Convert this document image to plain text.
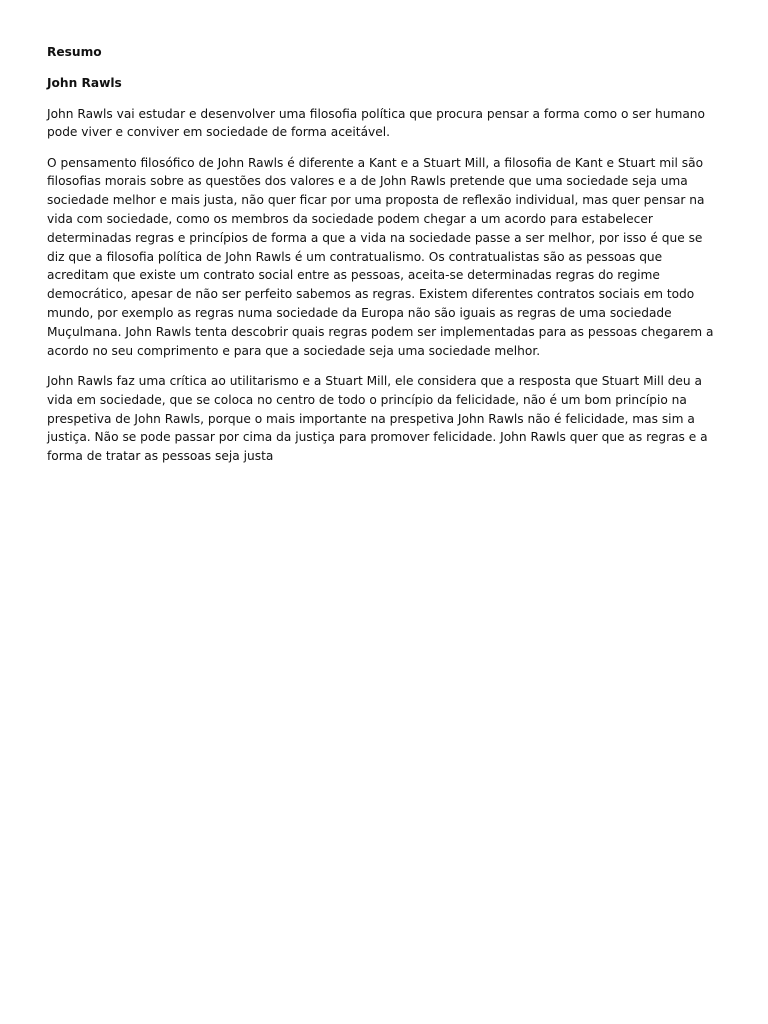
Resumo
John Rawls

John Rawls vai estudar e desenvolver uma filosofia política que procura pensar a forma como o ser humano pode viver e conviver em sociedade de forma aceitável.

O pensamento filosófico de John Rawls é diferente a Kant e a Stuart Mill, a filosofia de Kant e Stuart mil são filosofias morais sobre as questões dos valores e a de John Rawls pretende que uma sociedade seja uma sociedade melhor e mais justa, não quer ficar por uma proposta de reflexão individual, mas quer pensar na vida com sociedade, como os membros da sociedade podem chegar a um acordo para estabelecer determinadas regras e princípios de forma a que a vida na sociedade passe a ser melhor, por isso é que se diz que a filosofia política de John Rawls é um contratualismo. Os contratualistas são as pessoas que acreditam que existe um contrato social entre as pessoas, aceita-se determinadas regras do regime democrático, apesar de não ser perfeito sabemos as regras. Existem diferentes contratos sociais em todo mundo, por exemplo as regras numa sociedade da Europa não são iguais as regras de uma sociedade Muçulmana. John Rawls tenta descobrir quais regras podem ser implementadas para as pessoas chegarem a acordo no seu comprimento e para que a sociedade seja uma sociedade melhor.

John Rawls faz uma crítica ao utilitarismo e a Stuart Mill, ele considera que a resposta que Stuart Mill deu a vida em sociedade, que se coloca no centro de todo o princípio da felicidade, não é um bom princípio na prespetiva de John Rawls, porque o mais importante na prespetiva John Rawls não é felicidade, mas sim a justiça. Não se pode passar por cima da justiça para promover felicidade. John Rawls quer que as regras e a forma de tratar as pessoas seja justa
